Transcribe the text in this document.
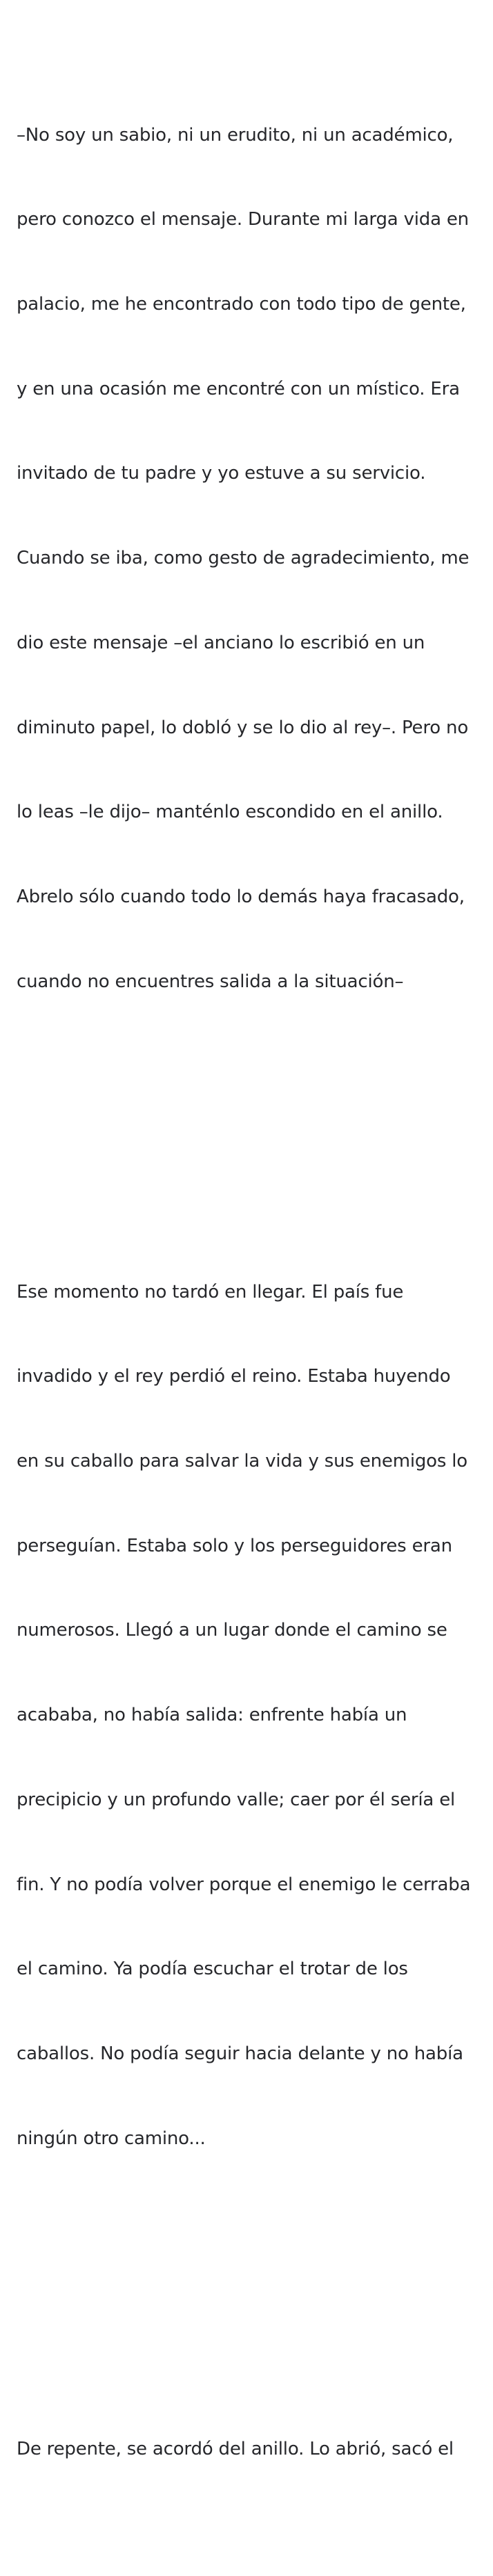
–No soy un sabio, ni un erudito, ni un académico,

pero conozco el mensaje. Durante mi larga vida en

palacio, me he encontrado con todo tipo de gente,

y en una ocasión me encontré con un místico. Era

invitado de tu padre y yo estuve a su servicio.

Cuando se iba, como gesto de agradecimiento, me

dio este mensaje –el anciano lo escribió en un

diminuto papel, lo dobló y se lo dio al rey–. Pero no

lo leas –le dijo– manténlo escondido en el anillo.

Abrelo sólo cuando todo lo demás haya fracasado,

cuando no encuentres salida a la situación–

Ese momento no tardó en llegar. El país fue

invadido y el rey perdió el reino. Estaba huyendo

en su caballo para salvar la vida y sus enemigos lo

perseguían. Estaba solo y los perseguidores eran

numerosos. Llegó a un lugar donde el camino se

acababa, no había salida: enfrente había un

precipicio y un profundo valle; caer por él sería el

fin. Y no podía volver porque el enemigo le cerraba

el camino. Ya podía escuchar el trotar de los

caballos. No podía seguir hacia delante y no había

ningún otro camino...

De repente, se acordó del anillo. Lo abrió, sacó el
